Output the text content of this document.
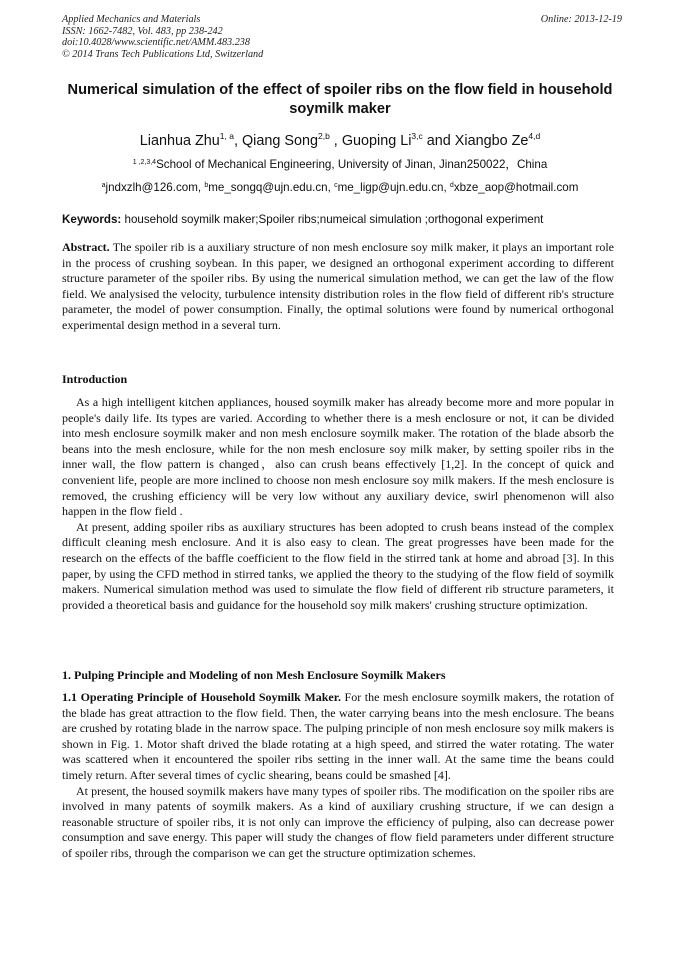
Applied Mechanics and Materials
ISSN: 1662-7482, Vol. 483, pp 238-242
doi:10.4028/www.scientific.net/AMM.483.238
© 2014 Trans Tech Publications Ltd, Switzerland
Online: 2013-12-19
Numerical simulation of the effect of spoiler ribs on the flow field in household soymilk maker
Lianhua Zhu$^{1, a}$, Qiang Song$^{2,b}$ , Guoping Li$^{3,c}$ and Xiangbo Ze$^{4,d}$
$^{1 ,2,3,4}$School of Mechanical Engineering, University of Jinan, Jinan250022，China
$^a$jndxzlh@126.com, $^b$me_songq@ujn.edu.cn, $^c$me_ligp@ujn.edu.cn, $^d$xbze_aop@hotmail.com
Keywords: household soymilk maker;Spoiler ribs;numeical simulation ;orthogonal experiment

Abstract. The spoiler rib is a auxiliary structure of non mesh enclosure soy milk maker, it plays an important role in the process of crushing soybean. In this paper, we designed an orthogonal experiment according to different structure parameter of the spoiler ribs. By using the numerical simulation method, we can get the law of the flow field. We analysised the velocity, turbulence intensity distribution roles in the flow field of different rib's structure parameter, the model of power consumption. Finally, the optimal solutions were found by numerical orthogonal experimental design method in a several turn.

Introduction

As a high intelligent kitchen appliances, housed soymilk maker has already become more and more popular in people's daily life. Its types are varied. According to whether there is a mesh enclosure or not, it can be divided into mesh enclosure soymilk maker and non mesh enclosure soymilk maker. The rotation of the blade absorb the beans into the mesh enclosure, while for the non mesh enclosure soy milk maker, by setting spoiler ribs in the inner wall, the flow pattern is changed，also can crush beans effectively [1,2]. In the concept of quick and convenient life, people are more inclined to choose non mesh enclosure soy milk makers. If the mesh enclosure is removed, the crushing efficiency will be very low without any auxiliary device, swirl phenomenon will also happen in the flow field .

At present, adding spoiler ribs as auxiliary structures has been adopted to crush beans instead of the complex difficult cleaning mesh enclosure. And it is also easy to clean. The great progresses have been made for the research on the effects of the baffle coefficient to the flow field in the stirred tank at home and abroad [3]. In this paper, by using the CFD method in stirred tanks, we applied the theory to the studying of the flow field of soymilk makers. Numerical simulation method was used to simulate the flow field of different rib structure parameters, it provided a theoretical basis and guidance for the household soy milk makers' crushing structure optimization.

1. Pulping Principle and Modeling of non Mesh Enclosure Soymilk Makers

1.1 Operating Principle of Household Soymilk Maker. For the mesh enclosure soymilk makers, the rotation of the blade has great attraction to the flow field. Then, the water carrying beans into the mesh enclosure. The beans are crushed by rotating blade in the narrow space. The pulping principle of non mesh enclosure soy milk makers is shown in Fig. 1. Motor shaft drived the blade rotating at a high speed, and stirred the water rotating. The water was scattered when it encountered the spoiler ribs setting in the inner wall. At the same time the beans could timely return. After several times of cyclic shearing, beans could be smashed [4].

At present, the housed soymilk makers have many types of spoiler ribs. The modification on the spoiler ribs are involved in many patents of soymilk makers. As a kind of auxiliary crushing structure, if we can design a reasonable structure of spoiler ribs, it is not only can improve the efficiency of pulping, also can decrease power consumption and save energy. This paper will study the changes of flow field parameters under different structure of spoiler ribs, through the comparison we can get the structure optimization schemes.
